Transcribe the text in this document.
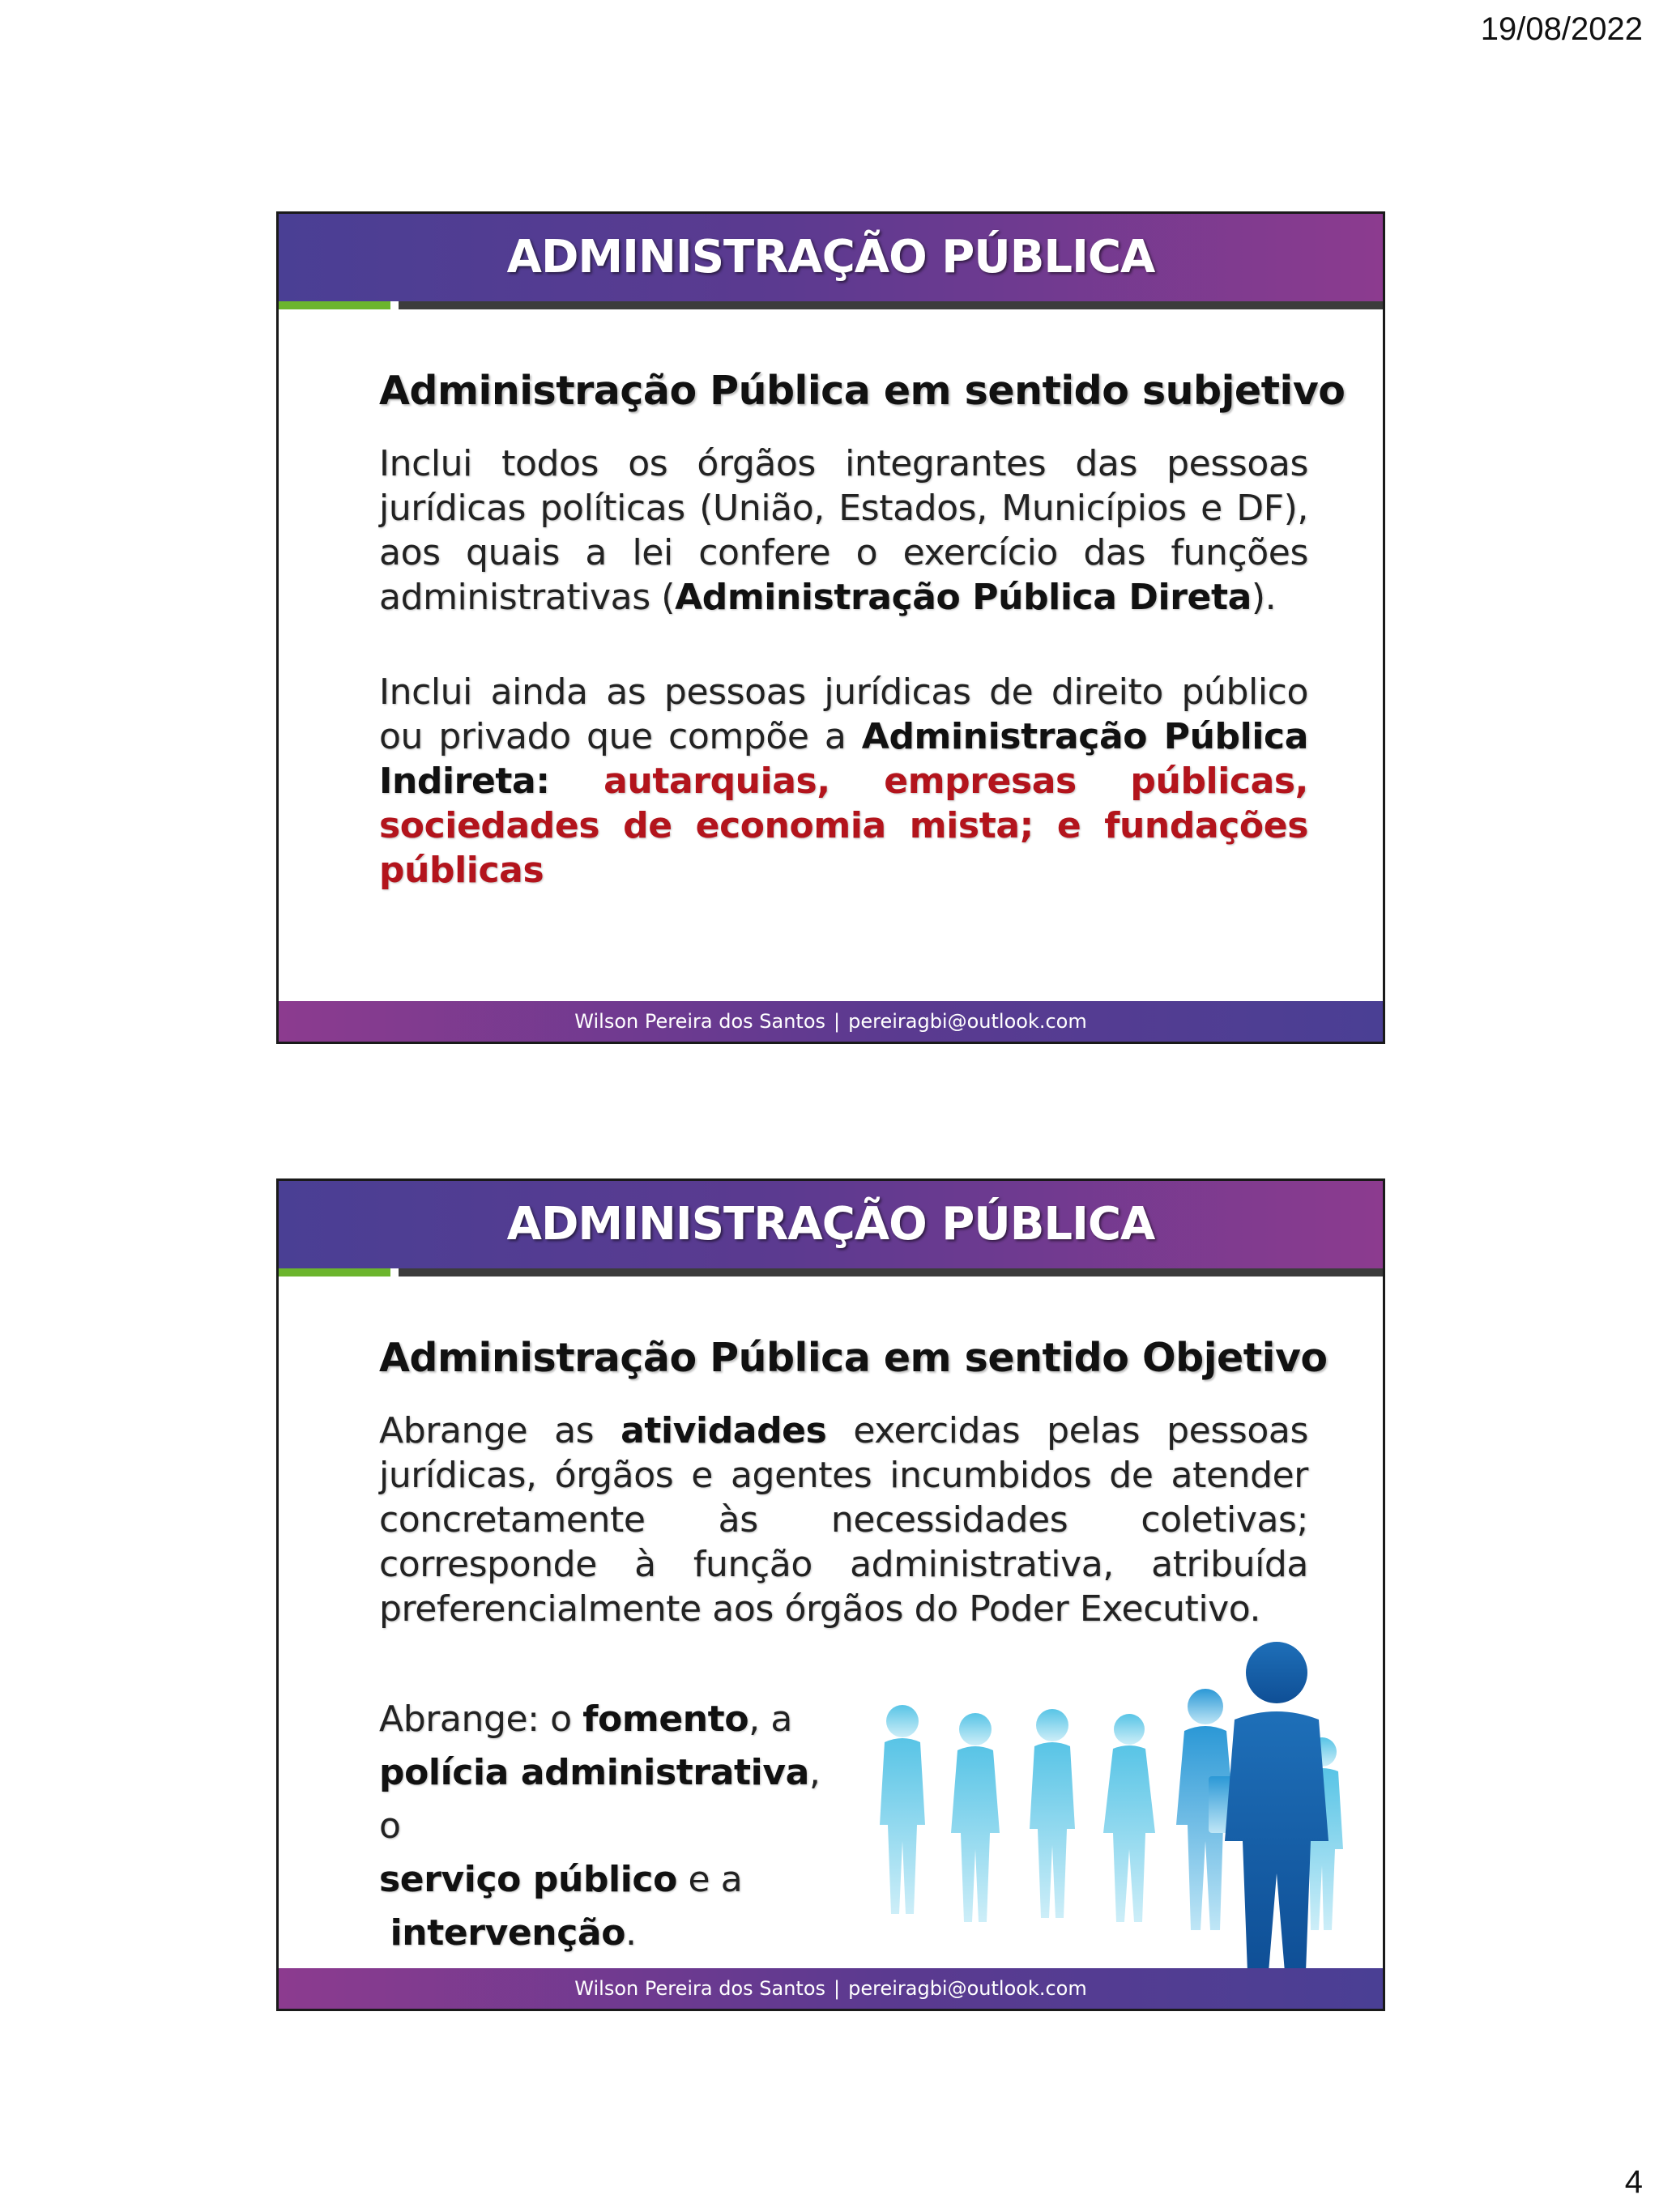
19/08/2022
ADMINISTRAÇÃO PÚBLICA
Administração Pública em sentido subjetivo

Inclui todos os órgãos integrantes das pessoas jurídicas políticas (União, Estados, Municípios e DF), aos quais a lei confere o exercício das funções administrativas (Administração Pública Direta).

Inclui ainda as pessoas jurídicas de direito público ou privado que compõe a Administração Pública Indireta: autarquias, empresas públicas, sociedades de economia mista; e fundações públicas

Wilson Pereira dos Santos | pereiragbi@outlook.com
ADMINISTRAÇÃO PÚBLICA
Administração Pública em sentido Objetivo

Abrange as atividades exercidas pelas pessoas jurídicas, órgãos e agentes incumbidos de atender concretamente às necessidades coletivas; corresponde à função administrativa, atribuída preferencialmente aos órgãos do Poder Executivo.

Abrange: o fomento, a
polícia administrativa, o
serviço público e a
intervenção.
Wilson Pereira dos Santos | pereiragbi@outlook.com
4
